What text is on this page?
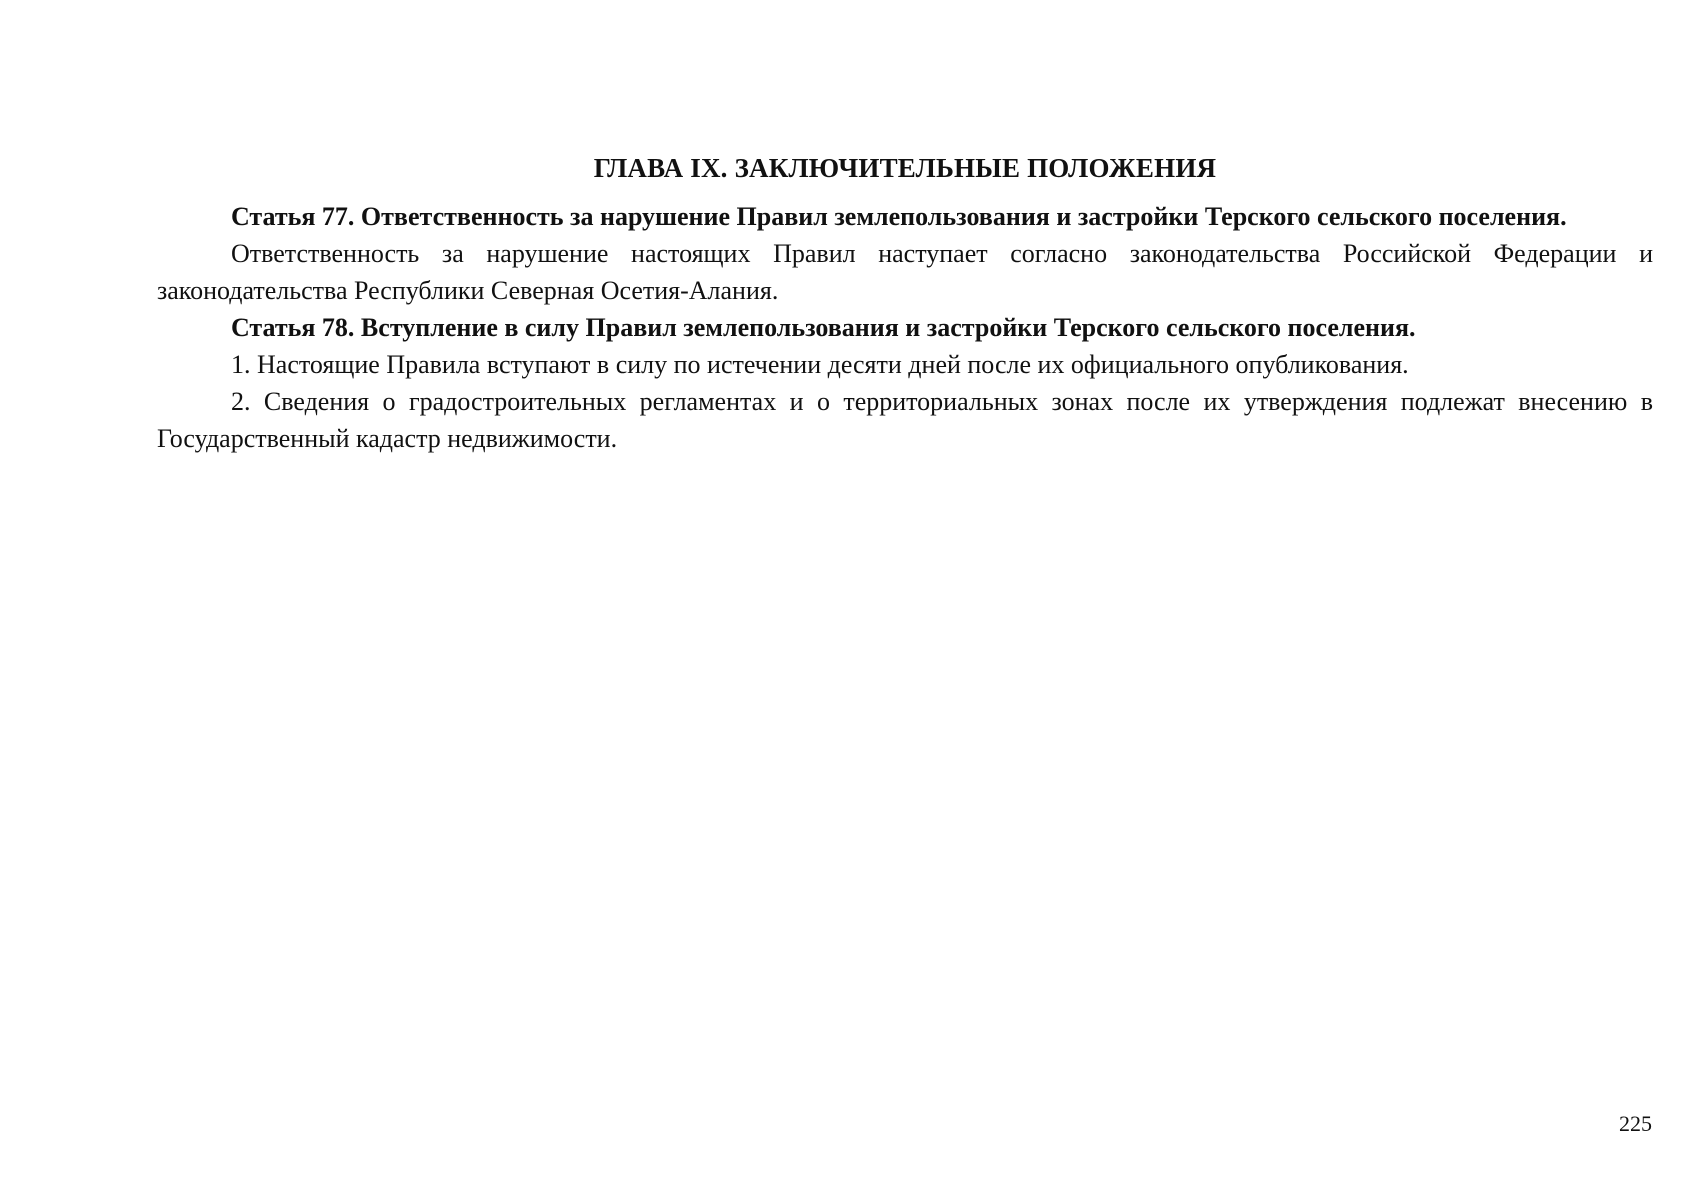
ГЛАВА IX. ЗАКЛЮЧИТЕЛЬНЫЕ ПОЛОЖЕНИЯ

Статья 77. Ответственность за нарушение Правил землепользования и застройки Терского сельского поселения.

Ответственность за нарушение настоящих Правил наступает согласно законодательства Российской Федерации и законодательства Республики Северная Осетия-Алания.

Статья 78. Вступление в силу Правил землепользования и застройки Терского сельского поселения.

1. Настоящие Правила вступают в силу по истечении десяти дней после их официального опубликования.

2. Сведения о градостроительных регламентах и о территориальных зонах после их утверждения подлежат внесению в Государственный кадастр недвижимости.

225
